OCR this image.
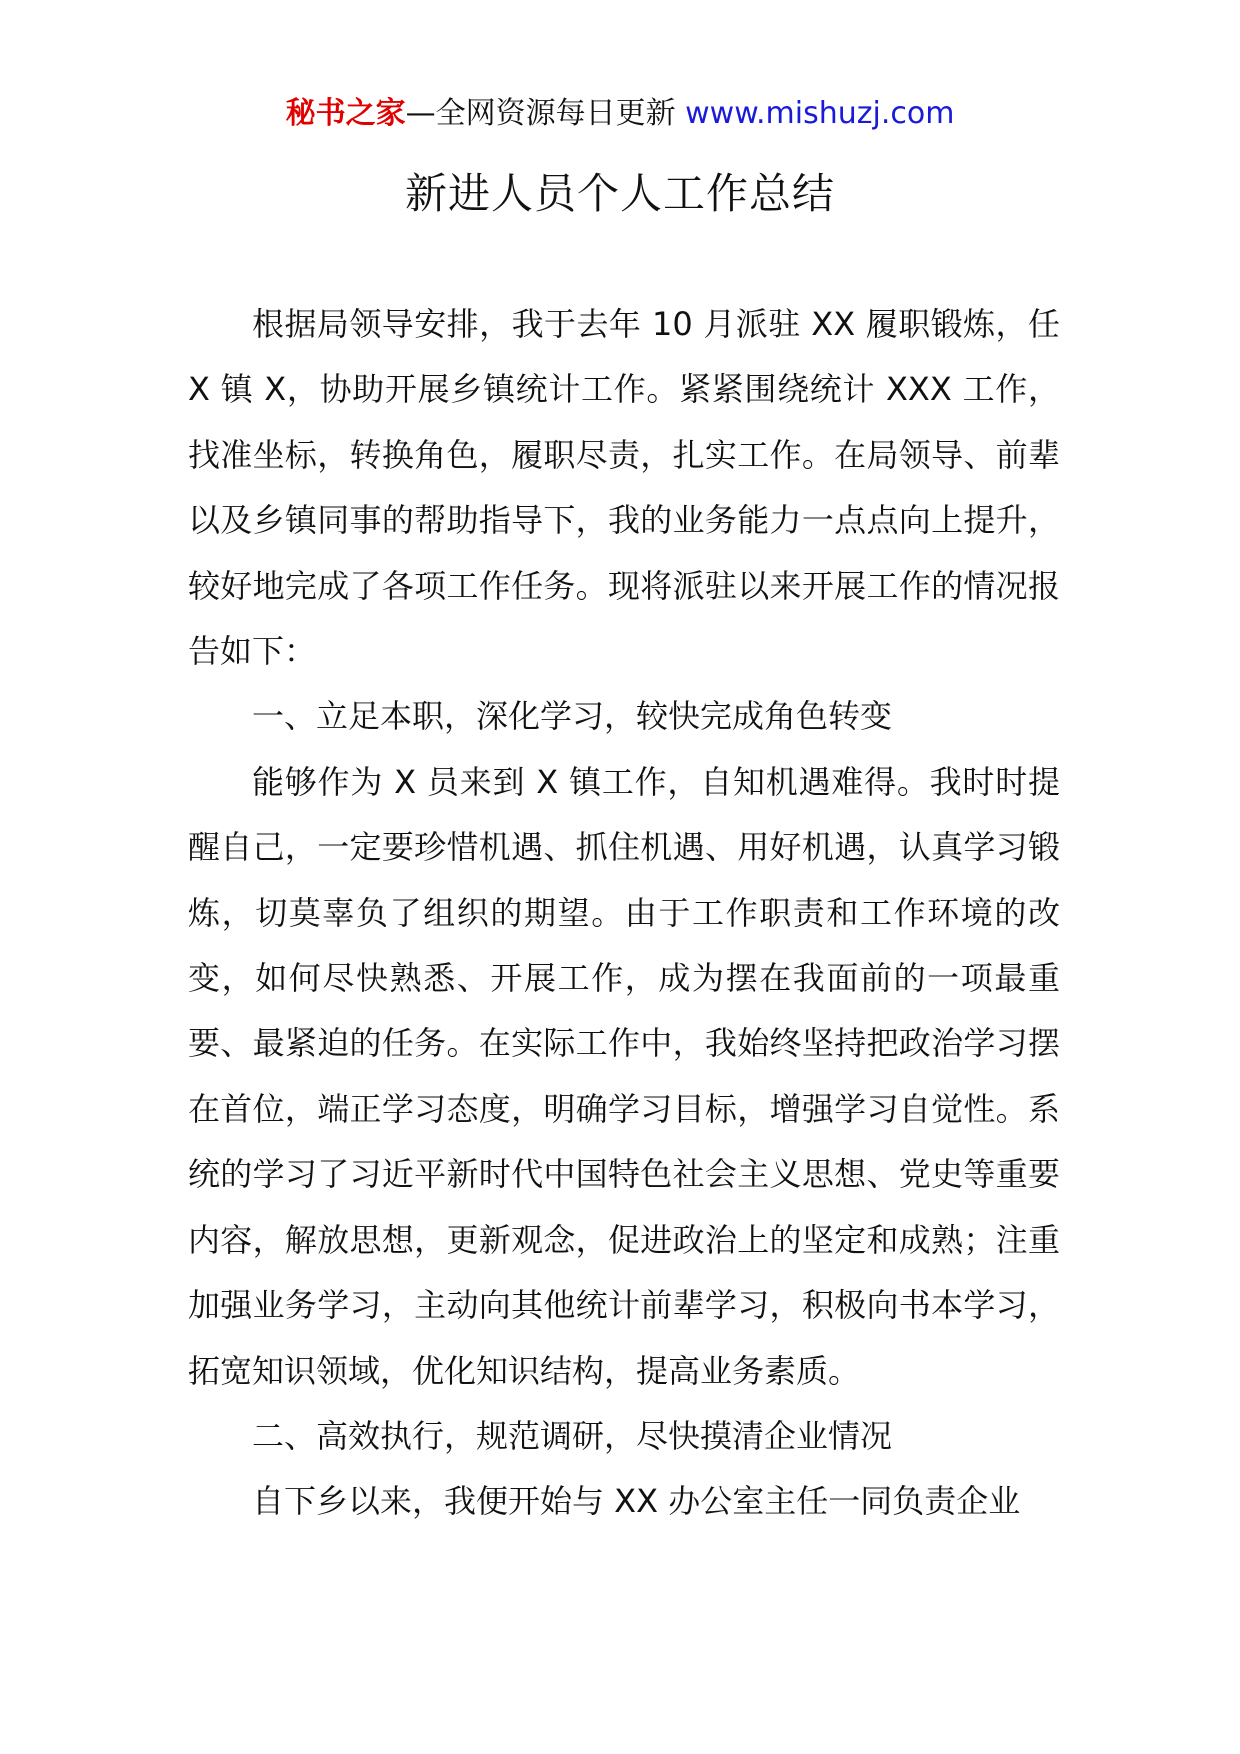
秘书之家—全网资源每日更新 www.mishuzj.com
新进人员个人工作总结

根据局领导安排，我于去年 10 月派驻 XX 履职锻炼，任 X 镇 X，协助开展乡镇统计工作。紧紧围绕统计 XXX 工作，找准坐标，转换角色，履职尽责，扎实工作。在局领导、前辈以及乡镇同事的帮助指导下，我的业务能力一点点向上提升，较好地完成了各项工作任务。现将派驻以来开展工作的情况报告如下：

一、立足本职，深化学习，较快完成角色转变

能够作为 X 员来到 X 镇工作，自知机遇难得。我时时提醒自己，一定要珍惜机遇、抓住机遇、用好机遇，认真学习锻炼，切莫辜负了组织的期望。由于工作职责和工作环境的改变，如何尽快熟悉、开展工作，成为摆在我面前的一项最重要、最紧迫的任务。在实际工作中，我始终坚持把政治学习摆在首位，端正学习态度，明确学习目标，增强学习自觉性。系统的学习了习近平新时代中国特色社会主义思想、党史等重要内容，解放思想，更新观念，促进政治上的坚定和成熟；注重加强业务学习，主动向其他统计前辈学习，积极向书本学习，拓宽知识领域，优化知识结构，提高业务素质。

二、高效执行，规范调研，尽快摸清企业情况

自下乡以来，我便开始与 XX 办公室主任一同负责企业
